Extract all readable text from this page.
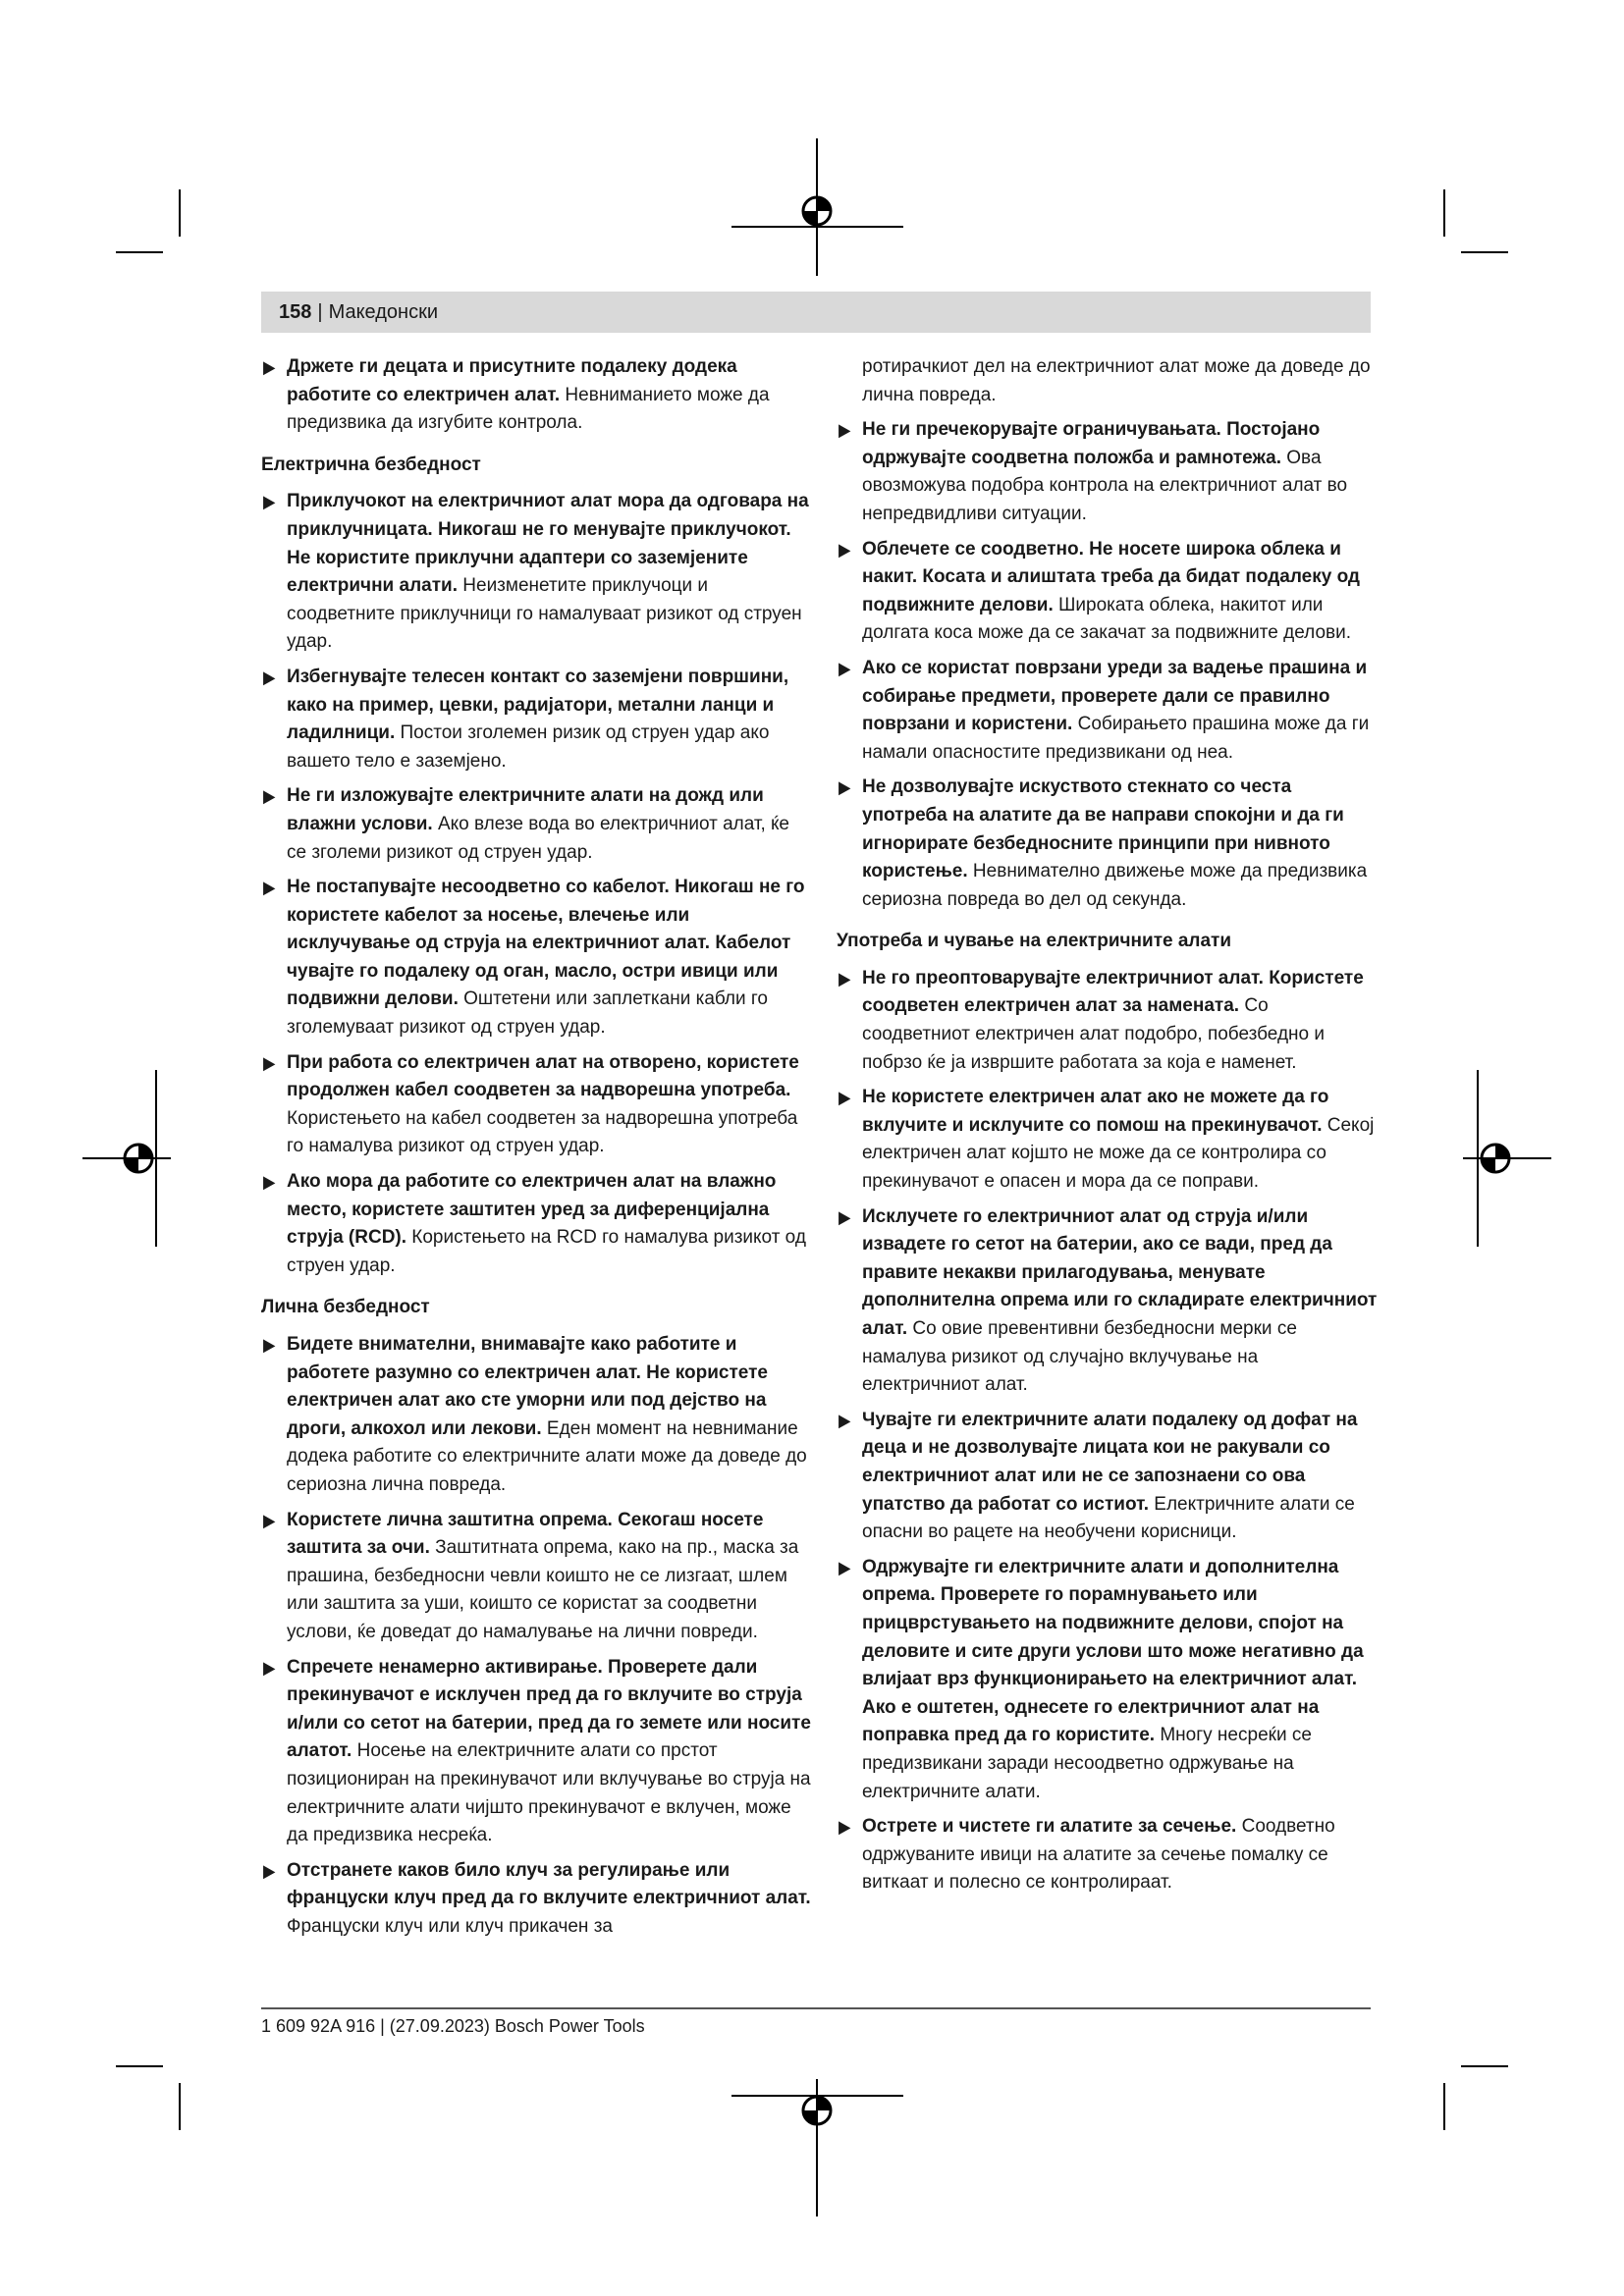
158 | Македонски
▶ Држете ги децата и присутните подалеку додека работите со електричен алат. Невниманието може да предизвика да изгубите контрола.
Електрична безбедност
▶ Приклучокот на електричниот алат мора да одговара на приклучницата. Никогаш не го менувајте приклучокот. Не користите приклучни адаптери со заземјените електрични алати. Неизменетите приклучоци и соодветните приклучници го намалуваат ризикот од струен удар.
▶ Избегнувајте телесен контакт со заземјени површини, како на пример, цевки, радијатори, метални ланци и ладилници. Постои зголемен ризик од струен удар ако вашето тело е заземјено.
▶ Не ги изложувајте електричните алати на дожд или влажни услови. Ако влезе вода во електричниот алат, ќе се зголеми ризикот од струен удар.
▶ Не постапувајте несоодветно со кабелот. Никогаш не го користете кабелот за носење, влечење или исклучување од струја на електричниот алат. Кабелот чувајте го подалеку од оган, масло, остри ивици или подвижни делови. Оштетени или заплеткани кабли го зголемуваат ризикот од струен удар.
▶ При работа со електричен алат на отворено, користете продолжен кабел соодветен за надворешна употреба. Користењето на кабел соодветен за надворешна употреба го намалува ризикот од струен удар.
▶ Ако мора да работите со електричен алат на влажно место, користете заштитен уред за диференцијална струја (RCD). Користењето на RCD го намалува ризикот од струен удар.
Лична безбедност
▶ Бидете внимателни, внимавајте како работите и работете разумно со електричен алат. Не користете електричен алат ако сте уморни или под дејство на дроги, алкохол или лекови. Еден момент на невнимание додека работите со електричните алати може да доведе до сериозна лична повреда.
▶ Користете лична заштитна опрема. Секогаш носете заштита за очи. Заштитната опрема, како на пр., маска за прашина, безбедносни чевли коишто не се лизгаат, шлем или заштита за уши, коишто се користат за соодветни услови, ќе доведат до намалување на лични повреди.
▶ Спречете ненамерно активирање. Проверете дали прекинувачот е исклучен пред да го вклучите во струја и/или со сетот на батерии, пред да го земете или носите алатот. Носење на електричните алати со прстот позициониран на прекинувачот или вклучување во струја на електричните алати чијшто прекинувачот е вклучен, може да предизвика несреќа.
▶ Отстранете каков било клуч за регулирање или француски клуч пред да го вклучите електричниот алат. Француски клуч или клуч прикачен за
ротирачкиот дел на електричниот алат може да доведе до лична повреда.
▶ Не ги пречекорувајте ограничувањата. Постојано одржувајте соодветна положба и рамнотежа. Ова овозможува подобра контрола на електричниот алат во непредвидливи ситуации.
▶ Облечете се соодветно. Не носете широка облека и накит. Косата и алиштата треба да бидат подалеку од подвижните делови. Широката облека, накитот или долгата коса може да се закачат за подвижните делови.
▶ Ако се користат поврзани уреди за вадење прашина и собирање предмети, проверете дали се правилно поврзани и користени. Собирањето прашина може да ги намали опасностите предизвикани од неа.
▶ Не дозволувајте искуството стекнато со честа употреба на алатите да ве направи спокојни и да ги игнорирате безбедносните принципи при нивното користење. Невнимателно движење може да предизвика сериозна повреда во дел од секунда.
Употреба и чување на електричните алати
▶ Не го преоптоварувајте електричниот алат. Користете соодветен електричен алат за намената. Со соодветниот електричен алат подобро, побезбедно и побрзо ќе ја извршите работата за која е наменет.
▶ Не користете електричен алат ако не можете да го вклучите и исклучите со помош на прекинувачот. Секој електричен алат којшто не може да се контролира со прекинувачот е опасен и мора да се поправи.
▶ Исклучете го електричниот алат од струја и/или извадете го сетот на батерии, ако се вади, пред да правите некакви прилагодувања, менувате дополнителна опрема или го складирате електричниот алат. Со овие превентивни безбедносни мерки се намалува ризикот од случајно вклучување на електричниот алат.
▶ Чувајте ги електричните алати подалеку од дофат на деца и не дозволувајте лицата кои не ракували со електричниот алат или не се запознаени со ова упатство да работат со истиот. Електричните алати се опасни во рацете на необучени корисници.
▶ Одржувајте ги електричните алати и дополнителна опрема. Проверете го порамнувањето или прицврстувањето на подвижните делови, спојот на деловите и сите други услови што може негативно да влијаат врз функционирањето на електричниот алат. Ако е оштетен, однесете го електричниот алат на поправка пред да го користите. Многу несреќи се предизвикани заради несоодветно одржување на електричните алати.
▶ Острете и чистете ги алатите за сечење. Соодветно одржуваните ивици на алатите за сечење помалку се виткаат и полесно се контролираат.
1 609 92A 916 | (27.09.2023) Bosch Power Tools
